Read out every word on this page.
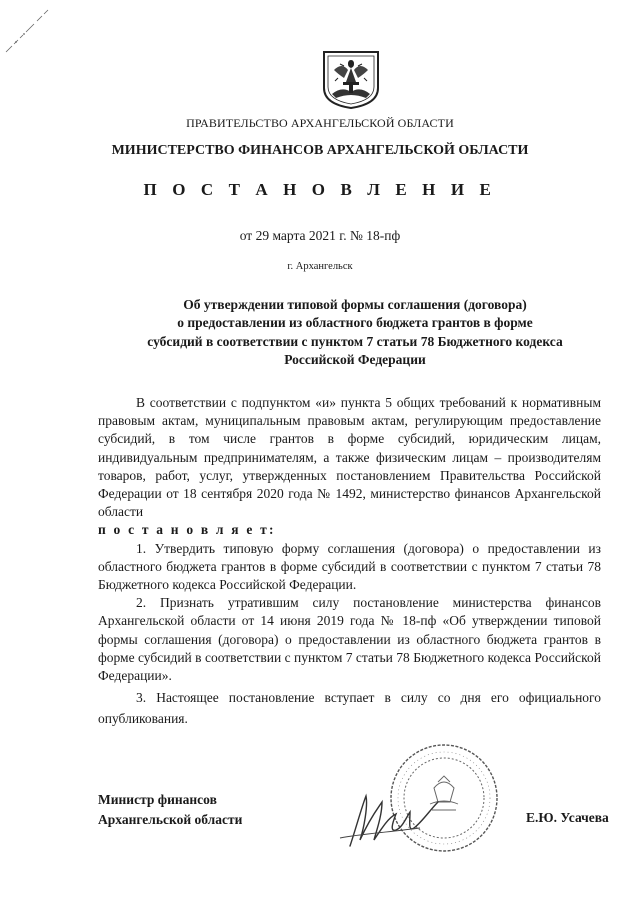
ПРАВИТЕЛЬСТВО АРХАНГЕЛЬСКОЙ ОБЛАСТИ
МИНИСТЕРСТВО ФИНАНСОВ АРХАНГЕЛЬСКОЙ ОБЛАСТИ
П О С Т А Н О В Л Е Н И Е
от 29 марта 2021 г. № 18-пф
г. Архангельск
Об утверждении типовой формы соглашения (договора)
о предоставлении из областного бюджета грантов в форме
субсидий в соответствии с пунктом 7 статьи 78 Бюджетного кодекса
Российской Федерации

В соответствии с подпунктом «и» пункта 5 общих требований к нормативным правовым актам, муниципальным правовым актам, регулирующим предоставление субсидий, в том числе грантов в форме субсидий, юридическим лицам, индивидуальным предпринимателям, а также физическим лицам – производителям товаров, работ, услуг, утвержденных постановлением Правительства Российской Федерации от 18 сентября 2020 года № 1492, министерство финансов Архангельской области

п о с т а н о в л я е т:

1. Утвердить типовую форму соглашения (договора) о предоставлении из областного бюджета грантов в форме субсидий в соответствии с пунктом 7 статьи 78 Бюджетного кодекса Российской Федерации.

2. Признать утратившим силу постановление министерства финансов Архангельской области от 14 июня 2019 года № 18-пф «Об утверждении типовой формы соглашения (договора) о предоставлении из областного бюджета грантов в форме субсидий в соответствии с пунктом 7 статьи 78 Бюджетного кодекса Российской Федерации».

3. Настоящее постановление вступает в силу со дня его официального опубликования.

Министр финансов
Архангельской области	Е.Ю. Усачева
